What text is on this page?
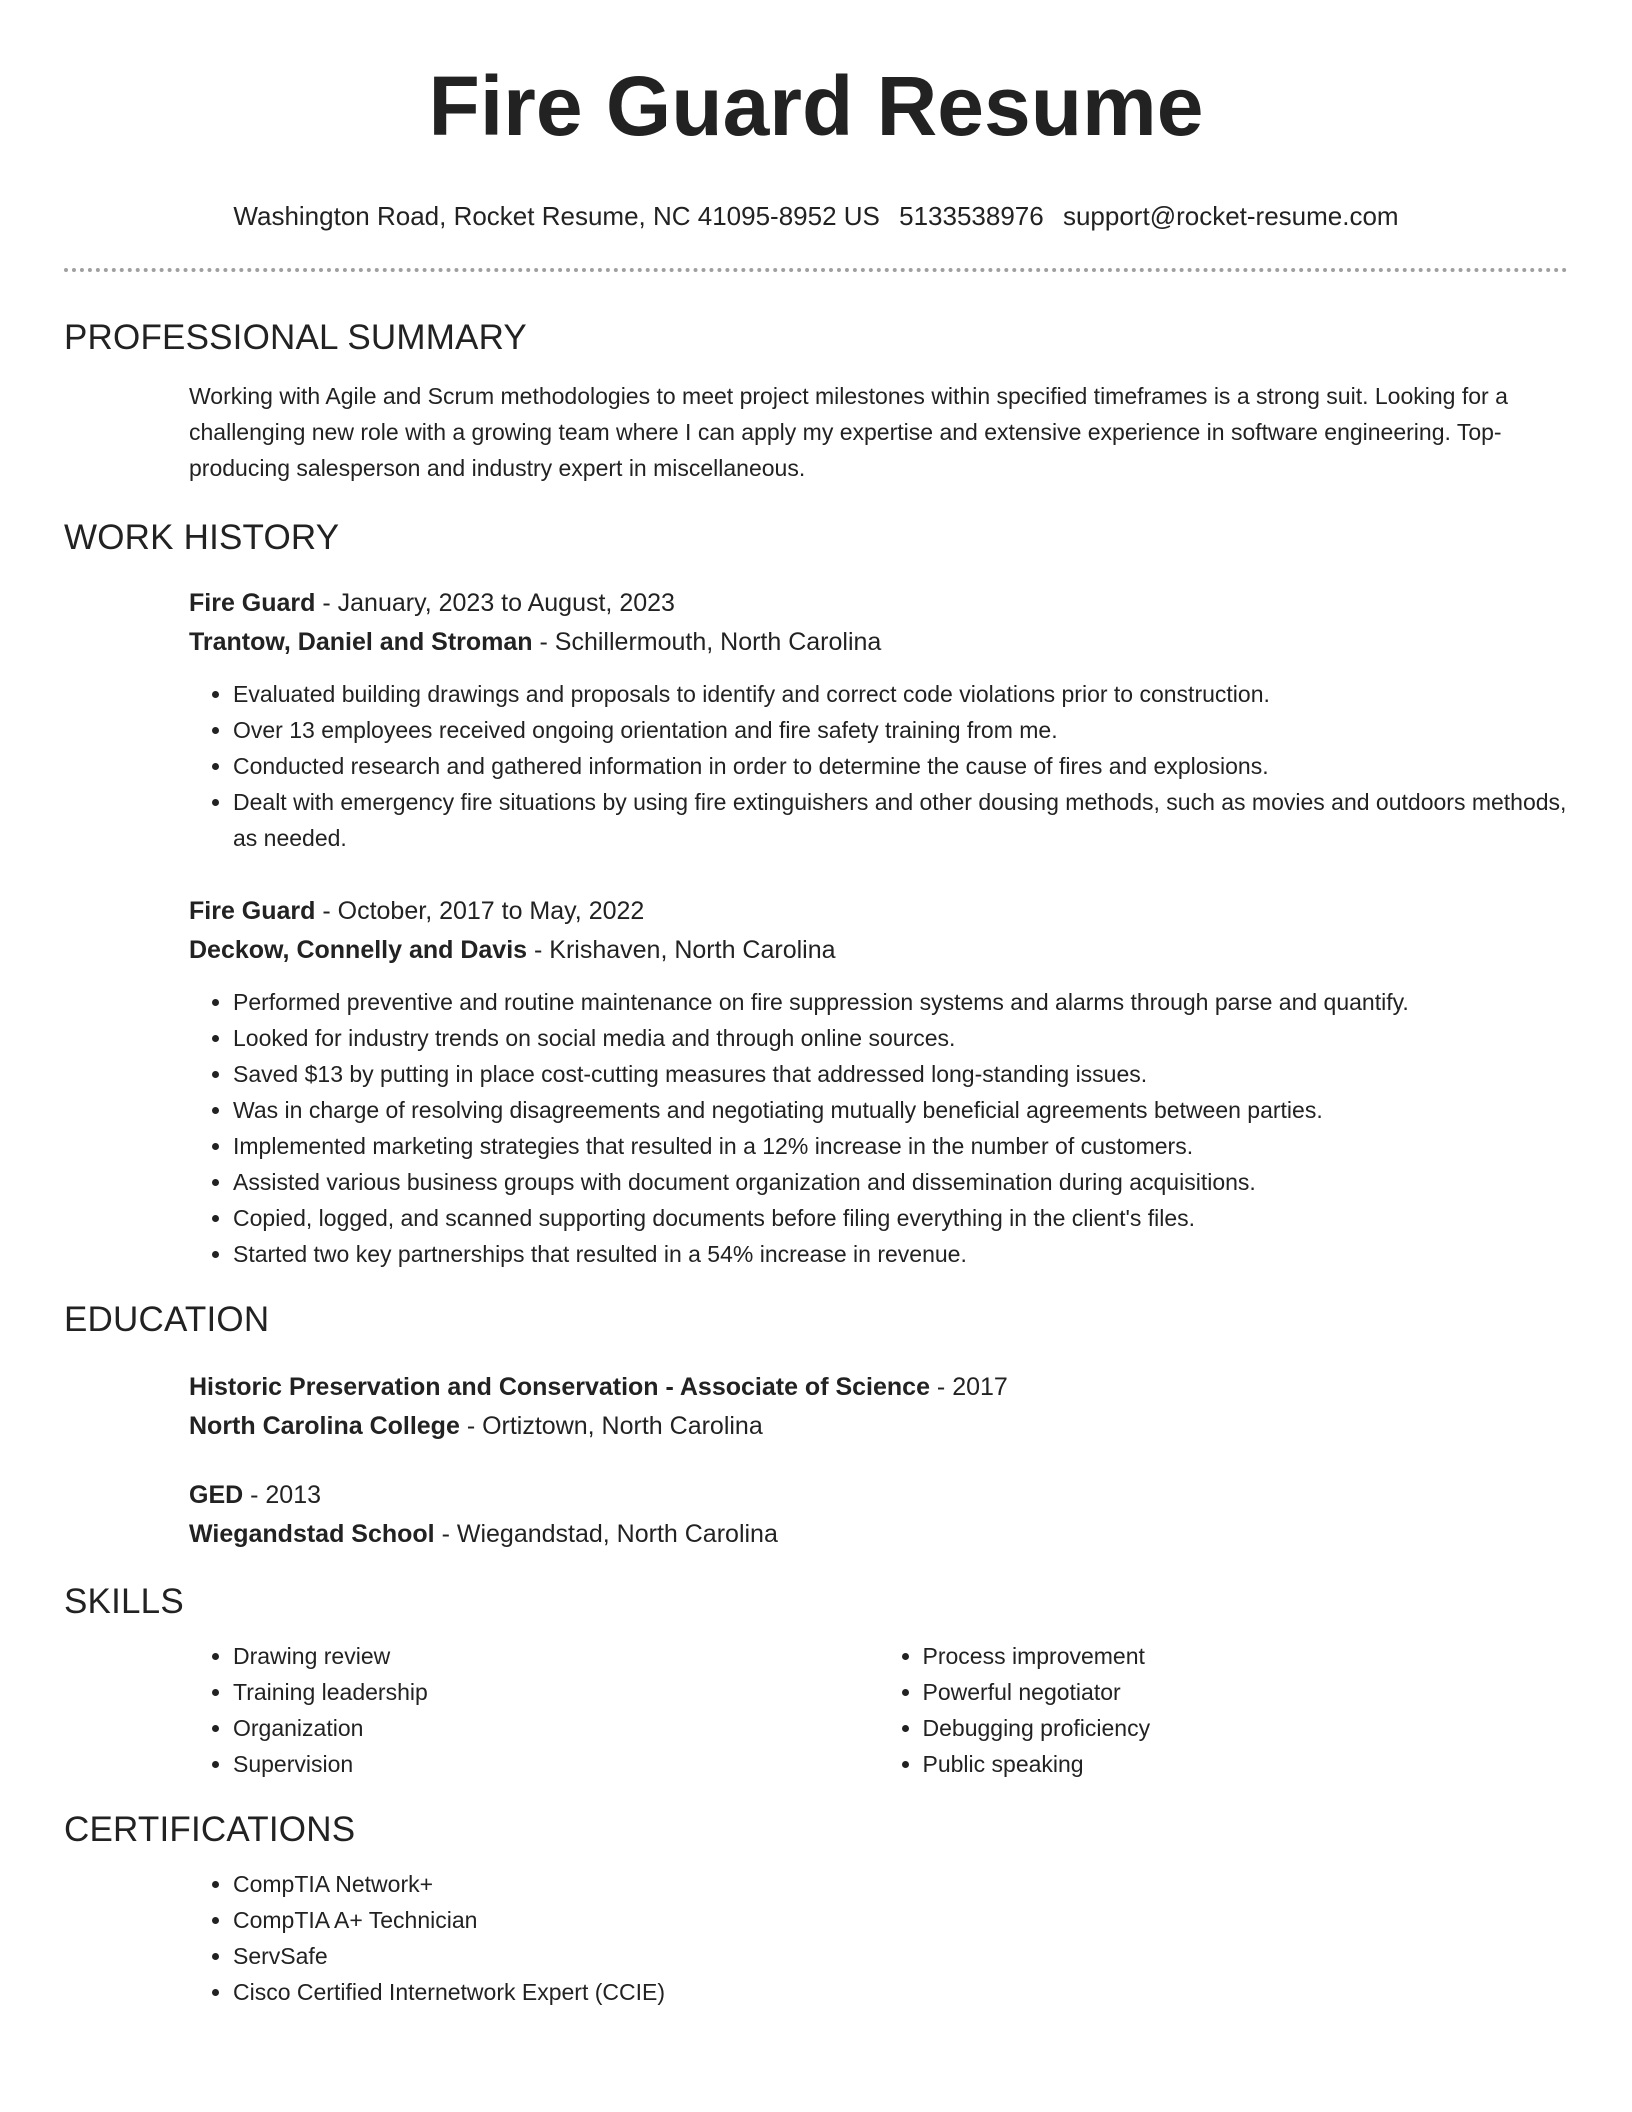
Fire Guard Resume
Washington Road, Rocket Resume, NC 41095-8952 US 5133538976 support@rocket-resume.com
PROFESSIONAL SUMMARY
Working with Agile and Scrum methodologies to meet project milestones within specified timeframes is a strong suit. Looking for a challenging new role with a growing team where I can apply my expertise and extensive experience in software engineering. Top-producing salesperson and industry expert in miscellaneous.
WORK HISTORY
Fire Guard - January, 2023 to August, 2023
Trantow, Daniel and Stroman - Schillermouth, North Carolina
• Evaluated building drawings and proposals to identify and correct code violations prior to construction.
• Over 13 employees received ongoing orientation and fire safety training from me.
• Conducted research and gathered information in order to determine the cause of fires and explosions.
• Dealt with emergency fire situations by using fire extinguishers and other dousing methods, such as movies and outdoors methods, as needed.
Fire Guard - October, 2017 to May, 2022
Deckow, Connelly and Davis - Krishaven, North Carolina
• Performed preventive and routine maintenance on fire suppression systems and alarms through parse and quantify.
• Looked for industry trends on social media and through online sources.
• Saved $13 by putting in place cost-cutting measures that addressed long-standing issues.
• Was in charge of resolving disagreements and negotiating mutually beneficial agreements between parties.
• Implemented marketing strategies that resulted in a 12% increase in the number of customers.
• Assisted various business groups with document organization and dissemination during acquisitions.
• Copied, logged, and scanned supporting documents before filing everything in the client's files.
• Started two key partnerships that resulted in a 54% increase in revenue.
EDUCATION
Historic Preservation and Conservation - Associate of Science - 2017
North Carolina College - Ortiztown, North Carolina
GED - 2013
Wiegandstad School - Wiegandstad, North Carolina
SKILLS
• Drawing review
• Training leadership
• Organization
• Supervision
• Process improvement
• Powerful negotiator
• Debugging proficiency
• Public speaking
CERTIFICATIONS
• CompTIA Network+
• CompTIA A+ Technician
• ServSafe
• Cisco Certified Internetwork Expert (CCIE)
